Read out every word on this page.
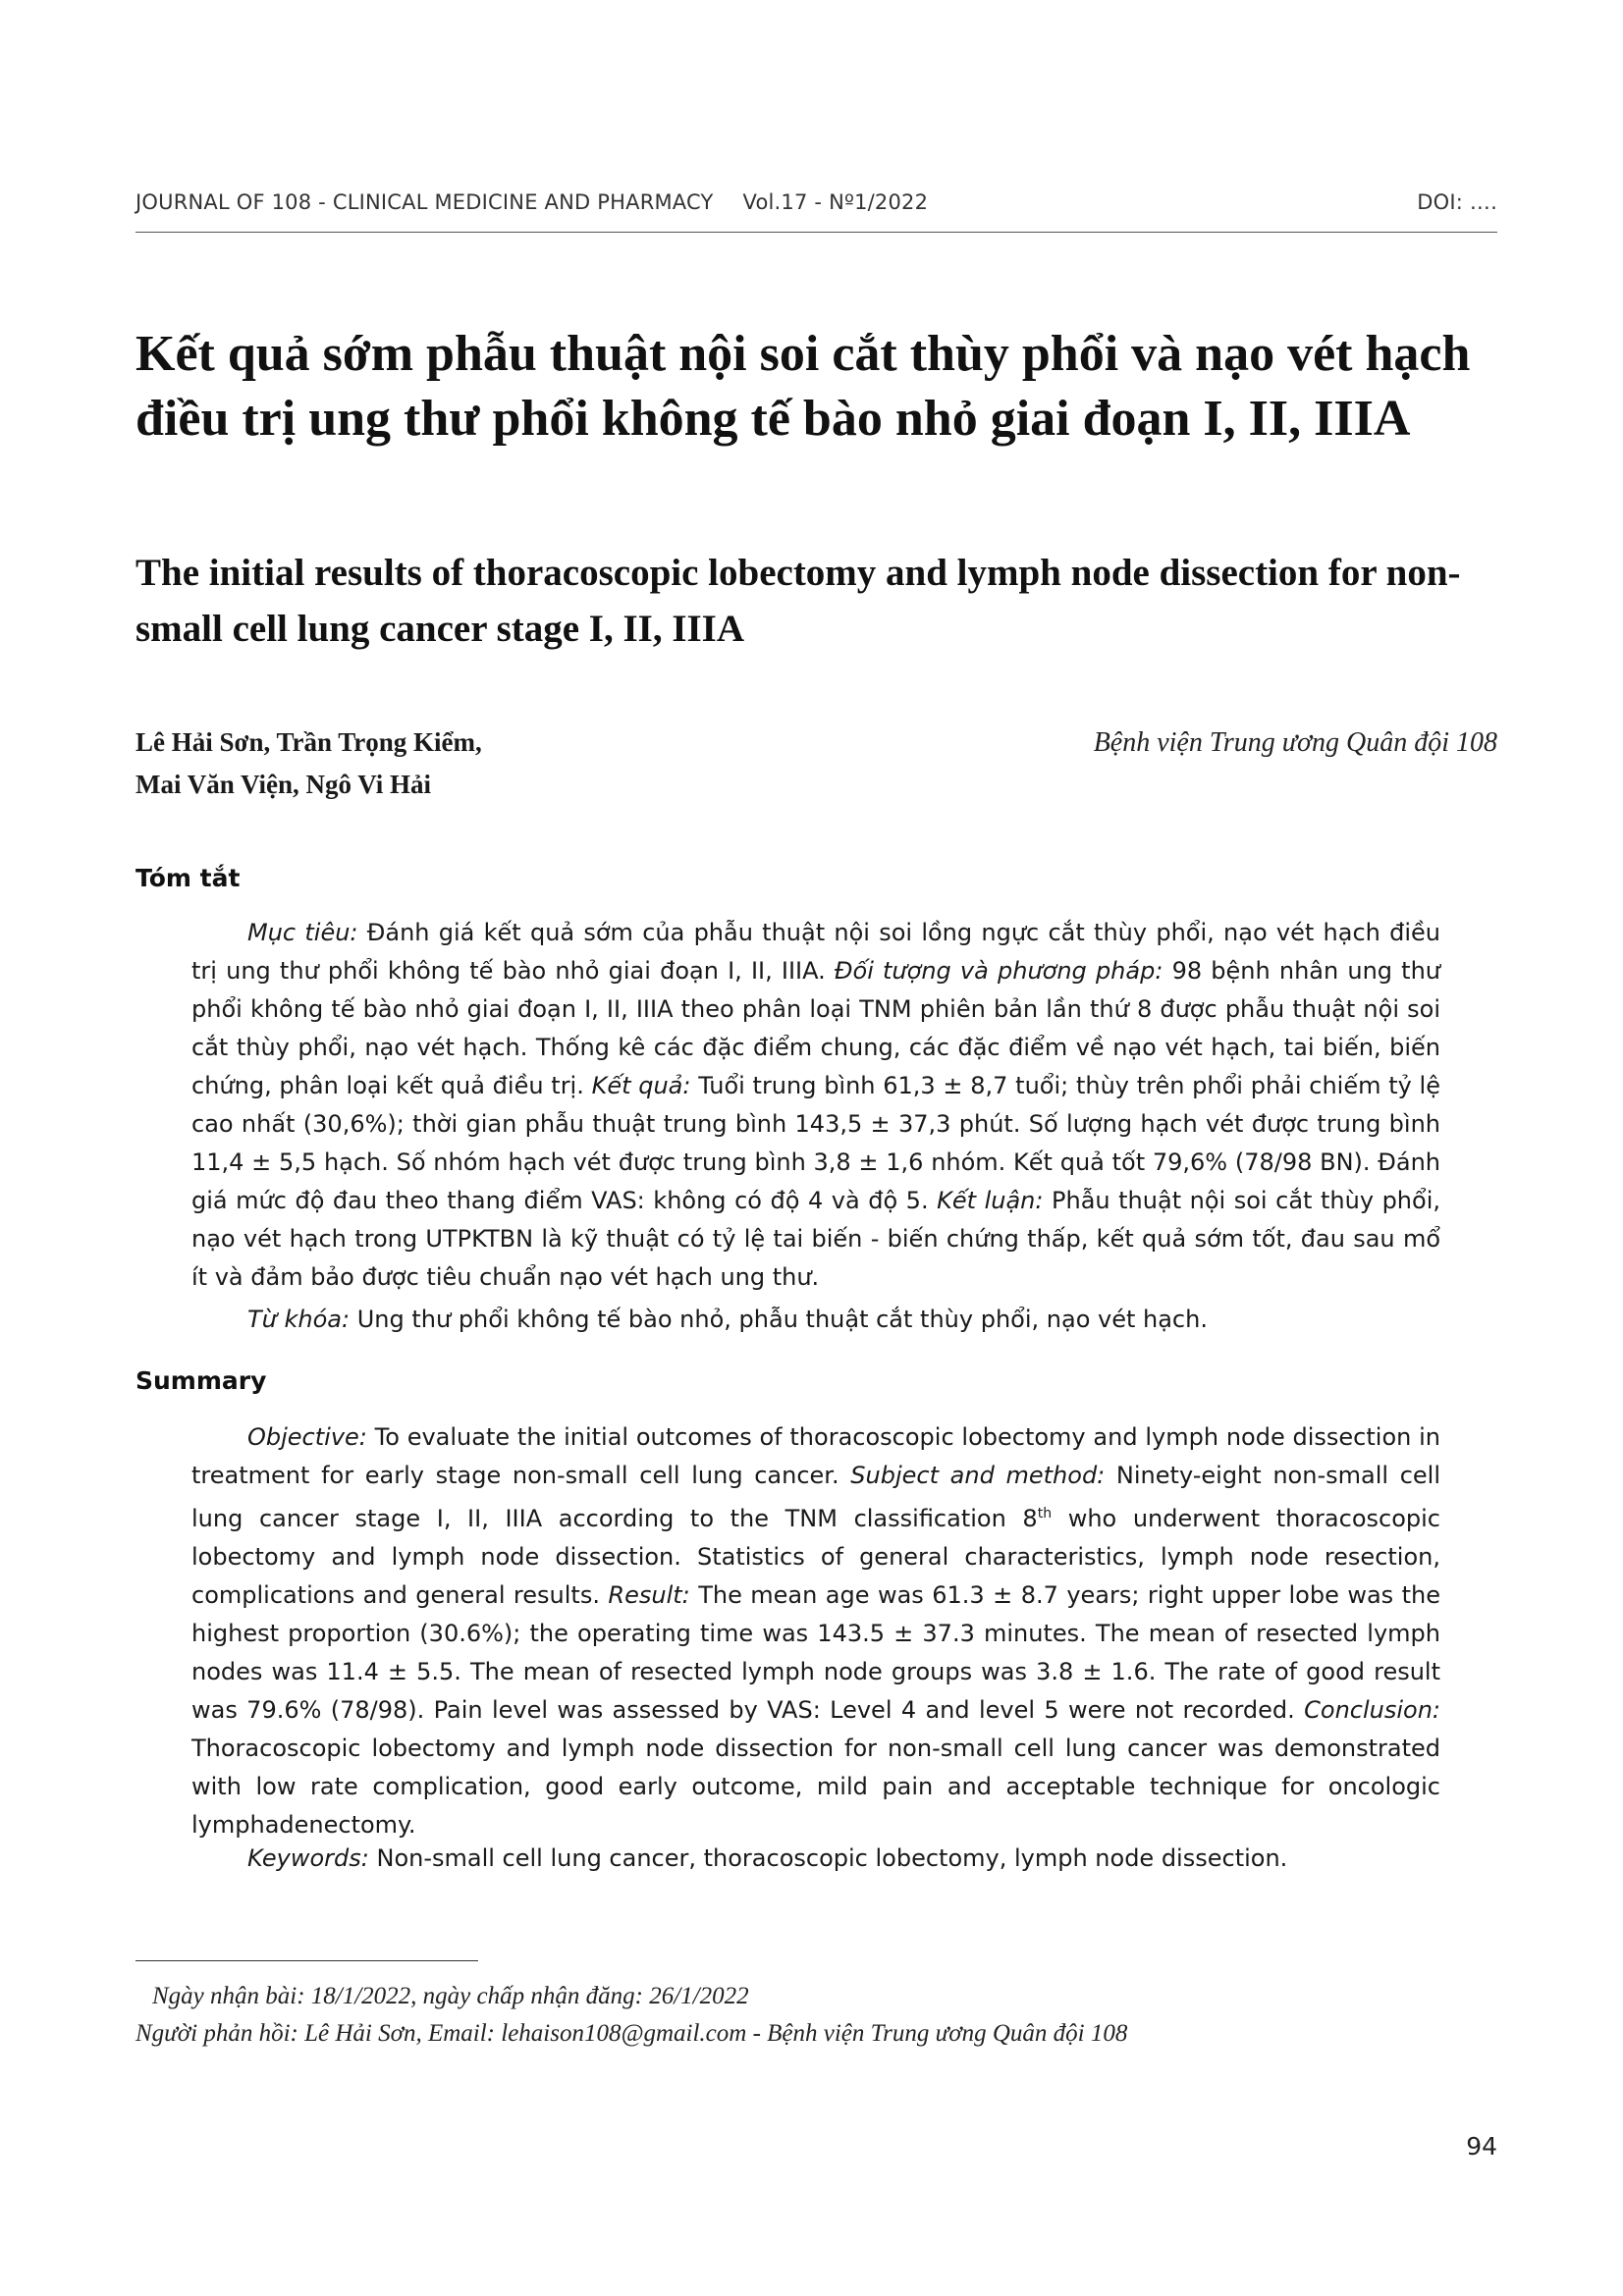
JOURNAL OF 108 - CLINICAL MEDICINE AND PHARMACY Vol.17 - Nº1/2022	DOI: ….
Kết quả sớm phẫu thuật nội soi cắt thùy phổi và nạo vét hạch điều trị ung thư phổi không tế bào nhỏ giai đoạn I, II, IIIA
The initial results of thoracoscopic lobectomy and lymph node dissection for non-small cell lung cancer stage I, II, IIIA
Lê Hải Sơn, Trần Trọng Kiểm,
Mai Văn Viện, Ngô Vi Hải
Bệnh viện Trung ương Quân đội 108
Tóm tắt

Mục tiêu: Đánh giá kết quả sớm của phẫu thuật nội soi lồng ngực cắt thùy phổi, nạo vét hạch điều trị ung thư phổi không tế bào nhỏ giai đoạn I, II, IIIA. Đối tượng và phương pháp: 98 bệnh nhân ung thư phổi không tế bào nhỏ giai đoạn I, II, IIIA theo phân loại TNM phiên bản lần thứ 8 được phẫu thuật nội soi cắt thùy phổi, nạo vét hạch. Thống kê các đặc điểm chung, các đặc điểm về nạo vét hạch, tai biến, biến chứng, phân loại kết quả điều trị. Kết quả: Tuổi trung bình 61,3 ± 8,7 tuổi; thùy trên phổi phải chiếm tỷ lệ cao nhất (30,6%); thời gian phẫu thuật trung bình 143,5 ± 37,3 phút. Số lượng hạch vét được trung bình 11,4 ± 5,5 hạch. Số nhóm hạch vét được trung bình 3,8 ± 1,6 nhóm. Kết quả tốt 79,6% (78/98 BN). Đánh giá mức độ đau theo thang điểm VAS: không có độ 4 và độ 5. Kết luận: Phẫu thuật nội soi cắt thùy phổi, nạo vét hạch trong UTPKTBN là kỹ thuật có tỷ lệ tai biến - biến chứng thấp, kết quả sớm tốt, đau sau mổ ít và đảm bảo được tiêu chuẩn nạo vét hạch ung thư.

Từ khóa: Ung thư phổi không tế bào nhỏ, phẫu thuật cắt thùy phổi, nạo vét hạch.
Summary

Objective: To evaluate the initial outcomes of thoracoscopic lobectomy and lymph node dissection in treatment for early stage non-small cell lung cancer. Subject and method: Ninety-eight non-small cell lung cancer stage I, II, IIIA according to the TNM classification 8th who underwent thoracoscopic lobectomy and lymph node dissection. Statistics of general characteristics, lymph node resection, complications and general results. Result: The mean age was 61.3 ± 8.7 years; right upper lobe was the highest proportion (30.6%); the operating time was 143.5 ± 37.3 minutes. The mean of resected lymph nodes was 11.4 ± 5.5. The mean of resected lymph node groups was 3.8 ± 1.6. The rate of good result was 79.6% (78/98). Pain level was assessed by VAS: Level 4 and level 5 were not recorded. Conclusion: Thoracoscopic lobectomy and lymph node dissection for non-small cell lung cancer was demonstrated with low rate complication, good early outcome, mild pain and acceptable technique for oncologic lymphadenectomy.

Keywords: Non-small cell lung cancer, thoracoscopic lobectomy, lymph node dissection.
Ngày nhận bài: 18/1/2022, ngày chấp nhận đăng: 26/1/2022
Người phản hồi: Lê Hải Sơn, Email: lehaison108@gmail.com - Bệnh viện Trung ương Quân đội 108
94
